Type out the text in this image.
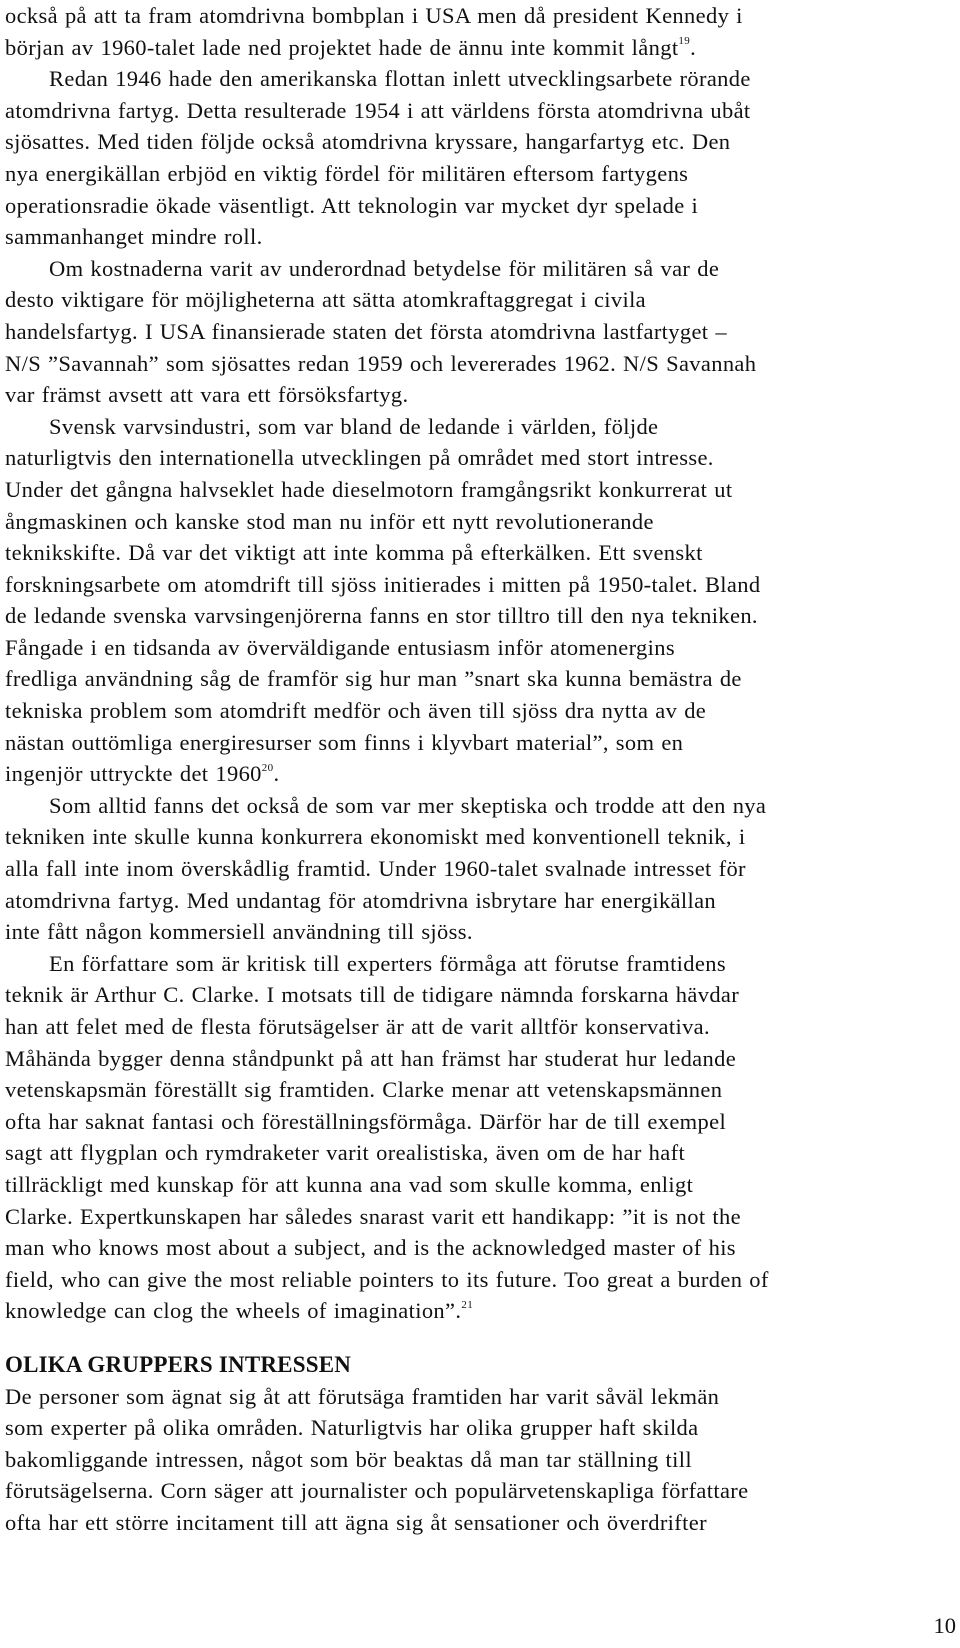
också på att ta fram atomdrivna bombplan i USA men då president Kennedy i
början av 1960-talet lade ned projektet hade de ännu inte kommit långt$^{19}$.
Redan 1946 hade den amerikanska flottan inlett utvecklingsarbete rörande
atomdrivna fartyg. Detta resulterade 1954 i att världens första atomdrivna ubåt
sjösattes. Med tiden följde också atomdrivna kryssare, hangarfartyg etc. Den
nya energikällan erbjöd en viktig fördel för militären eftersom fartygens
operationsradie ökade väsentligt. Att teknologin var mycket dyr spelade i
sammanhanget mindre roll.
Om kostnaderna varit av underordnad betydelse för militären så var de
desto viktigare för möjligheterna att sätta atomkraftaggregat i civila
handelsfartyg. I USA finansierade staten det första atomdrivna lastfartyget –
N/S ”Savannah” som sjösattes redan 1959 och levererades 1962. N/S Savannah
var främst avsett att vara ett försöksfartyg.
Svensk varvsindustri, som var bland de ledande i världen, följde
naturligtvis den internationella utvecklingen på området med stort intresse.
Under det gångna halvseklet hade dieselmotorn framgångsrikt konkurrerat ut
ångmaskinen och kanske stod man nu inför ett nytt revolutionerande
teknikskifte. Då var det viktigt att inte komma på efterkälken. Ett svenskt
forskningsarbete om atomdrift till sjöss initierades i mitten på 1950-talet. Bland
de ledande svenska varvsingenjörerna fanns en stor tilltro till den nya tekniken.
Fångade i en tidsanda av överväldigande entusiasm inför atomenergins
fredliga användning såg de framför sig hur man ”snart ska kunna bemästra de
tekniska problem som atomdrift medför och även till sjöss dra nytta av de
nästan outtömliga energiresurser som finns i klyvbart material”, som en
ingenjör uttryckte det 1960$^{20}$.
Som alltid fanns det också de som var mer skeptiska och trodde att den nya
tekniken inte skulle kunna konkurrera ekonomiskt med konventionell teknik, i
alla fall inte inom överskådlig framtid. Under 1960-talet svalnade intresset för
atomdrivna fartyg. Med undantag för atomdrivna isbrytare har energikällan
inte fått någon kommersiell användning till sjöss.
En författare som är kritisk till experters förmåga att förutse framtidens
teknik är Arthur C. Clarke. I motsats till de tidigare nämnda forskarna hävdar
han att felet med de flesta förutsägelser är att de varit alltför konservativa.
Måhända bygger denna ståndpunkt på att han främst har studerat hur ledande
vetenskapsmän föreställt sig framtiden. Clarke menar att vetenskapsmännen
ofta har saknat fantasi och föreställningsförmåga. Därför har de till exempel
sagt att flygplan och rymdraketer varit orealistiska, även om de har haft
tillräckligt med kunskap för att kunna ana vad som skulle komma, enligt
Clarke. Expertkunskapen har således snarast varit ett handikapp: ”it is not the
man who knows most about a subject, and is the acknowledged master of his
field, who can give the most reliable pointers to its future. Too great a burden of
knowledge can clog the wheels of imagination”.$^{21}$
OLIKA GRUPPERS INTRESSEN
De personer som ägnat sig åt att förutsäga framtiden har varit såväl lekmän
som experter på olika områden. Naturligtvis har olika grupper haft skilda
bakomliggande intressen, något som bör beaktas då man tar ställning till
förutsägelserna. Corn säger att journalister och populärvetenskapliga författare
ofta har ett större incitament till att ägna sig åt sensationer och överdrifter
10
